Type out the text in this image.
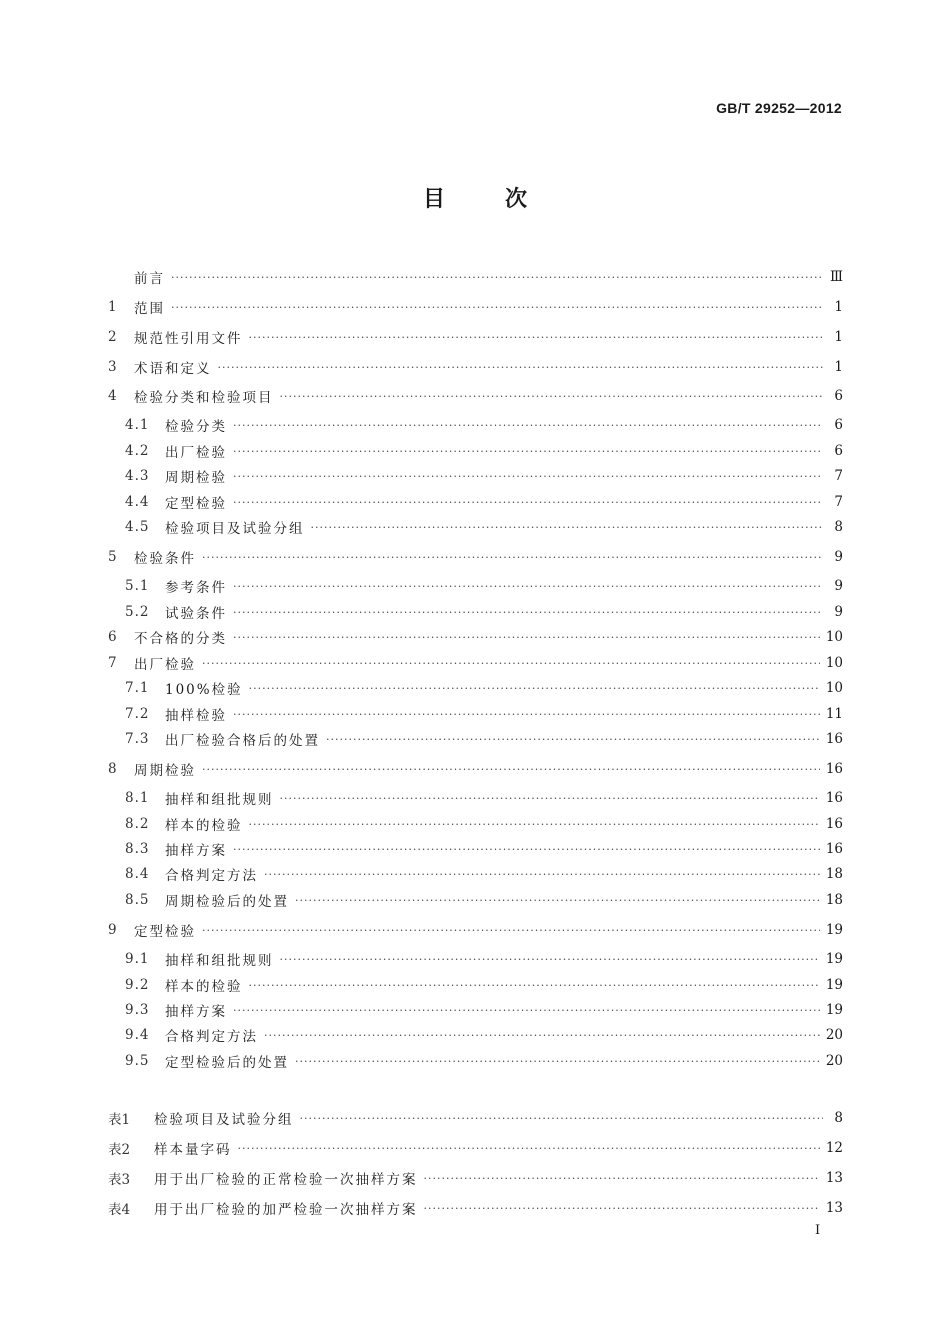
GB/T 29252—2012
目	次
前言 ·····	Ⅲ
1	范围 ·····	1
2	规范性引用文件 ·····	1
3	术语和定义 ·····	1
4	检验分类和检验项目 ·····	6
4.1	检验分类 ·····	6
4.2	出厂检验 ·····	6
4.3	周期检验 ·····	7
4.4	定型检验 ·····	7
4.5	检验项目及试验分组 ·····	8
5	检验条件 ·····	9
5.1	参考条件 ·····	9
5.2	试验条件 ·····	9
6	不合格的分类 ·····	10
7	出厂检验 ·····	10
7.1	100%检验 ·····	10
7.2	抽样检验 ·····	11
7.3	出厂检验合格后的处置 ·····	16
8	周期检验 ·····	16
8.1	抽样和组批规则 ·····	16
8.2	样本的检验 ·····	16
8.3	抽样方案 ·····	16
8.4	合格判定方法 ·····	18
8.5	周期检验后的处置 ·····	18
9	定型检验 ·····	19
9.1	抽样和组批规则 ·····	19
9.2	样本的检验 ·····	19
9.3	抽样方案 ·····	19
9.4	合格判定方法 ·····	20
9.5	定型检验后的处置 ·····	20
表1	检验项目及试验分组 ·····	8
表2	样本量字码 ·····	12
表3	用于出厂检验的正常检验一次抽样方案 ·····	13
表4	用于出厂检验的加严检验一次抽样方案 ·····	13
I
